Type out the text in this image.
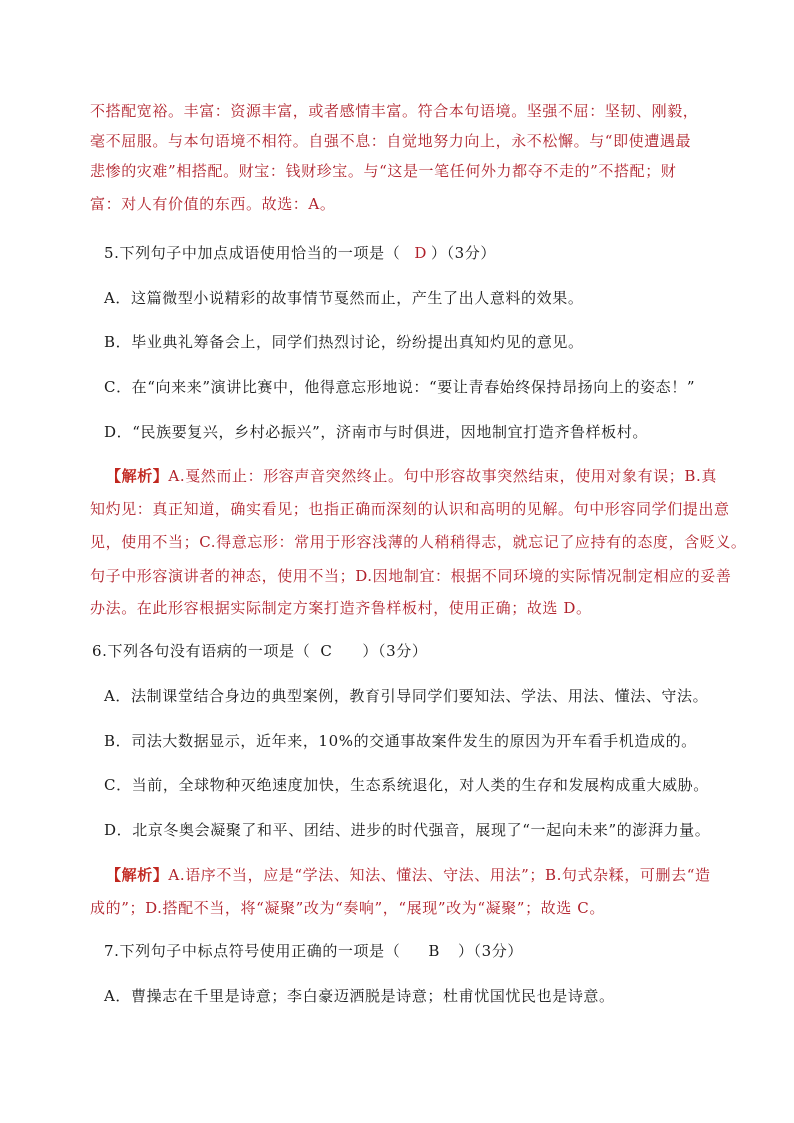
不搭配宽裕。丰富：资源丰富，或者感情丰富。符合本句语境。坚强不屈：坚韧、刚毅，
毫不屈服。与本句语境不相符。自强不息：自觉地努力向上，永不松懈。与“即使遭遇最
悲惨的灾难”相搭配。财宝：钱财珍宝。与“这是一笔任何外力都夺不走的”不搭配；财
富：对人有价值的东西。故选：A。
5.下列句子中加点成语使用恰当的一项是（ D ）（3分）
A．这篇微型小说精彩的故事情节戛然而止，产生了出人意料的效果。
B．毕业典礼筹备会上，同学们热烈讨论，纷纷提出真知灼见的意见。
C．在“向来来”演讲比赛中，他得意忘形地说：“要让青春始终保持昂扬向上的姿态！”
D．“民族要复兴，乡村必振兴”，济南市与时俱进，因地制宜打造齐鲁样板村。
【解析】A.戛然而止：形容声音突然终止。句中形容故事突然结束，使用对象有误；B.真
知灼见：真正知道，确实看见；也指正确而深刻的认识和高明的见解。句中形容同学们提出意
见，使用不当；C.得意忘形：常用于形容浅薄的人稍稍得志，就忘记了应持有的态度，含贬义。
句子中形容演讲者的神态，使用不当；D.因地制宜：根据不同环境的实际情况制定相应的妥善
办法。在此形容根据实际制定方案打造齐鲁样板村，使用正确；故选 D。
6.下列各句没有语病的一项是（ C ）（3分）
A．法制课堂结合身边的典型案例，教育引导同学们要知法、学法、用法、懂法、守法。
B．司法大数据显示，近年来，10%的交通事故案件发生的原因为开车看手机造成的。
C．当前，全球物种灭绝速度加快，生态系统退化，对人类的生存和发展构成重大威胁。
D．北京冬奥会凝聚了和平、团结、进步的时代强音，展现了“一起向未来”的澎湃力量。
【解析】A.语序不当，应是“学法、知法、懂法、守法、用法”；B.句式杂糅，可删去“造
成的”；D.搭配不当，将“凝聚”改为“奏响”，“展现”改为“凝聚”；故选 C。
7.下列句子中标点符号使用正确的一项是（ B ）（3分）
A．曹操志在千里是诗意；李白豪迈洒脱是诗意；杜甫忧国忧民也是诗意。
